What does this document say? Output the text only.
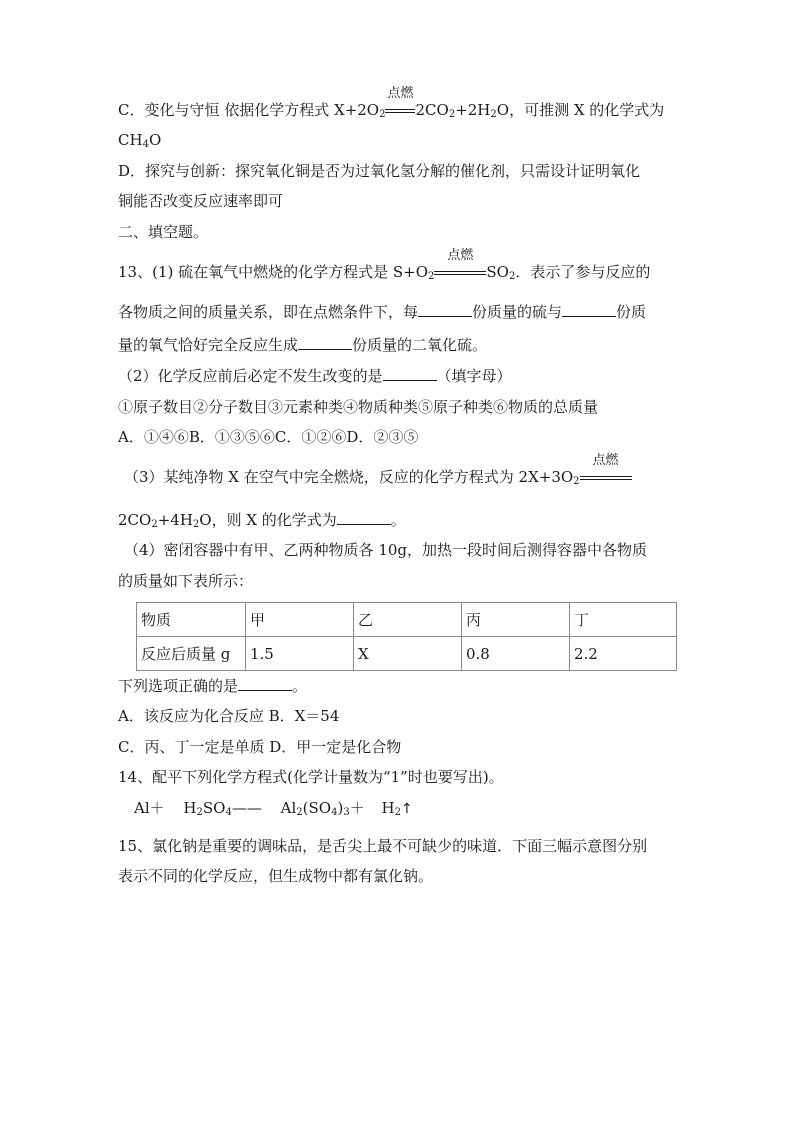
C．变化与守恒 依据化学方程式 $X+2O_2$
点燃
$2CO_2+2H_2O$，可推测 X 的化学式为
$CH_4O$
D．探究与创新：探究氧化铜是否为过氧化氢分解的催化剂，只需设计证明氧化
铜能否改变反应速率即可
二、填空题。
13、(1) 硫在氧气中燃烧的化学方程式是 $S+O_2$
点燃
$SO_2$．表示了参与反应的
各物质之间的质量关系，即在点燃条件下，每	份质量的硫与	份质
量的氧气恰好完全反应生成	份质量的二氧化硫。
（2）化学反应前后必定不发生改变的是	（填字母）
①原子数目②分子数目③元素种类④物质种类⑤原子种类⑥物质的总质量
A．①④⑥B．①③⑤⑥C．①②⑥D．②③⑤
（3）某纯净物 X 在空气中完全燃烧，反应的化学方程式为 $2X+3O_2$
点燃
$2CO_2+4H_2O$，则 X 的化学式为	。
（4）密闭容器中有甲、乙两种物质各 10g，加热一段时间后测得容器中各物质
的质量如下表所示：
物质	甲	乙	丙	丁
反应后质量 g	1.5	X	0.8	2.2
下列选项正确的是	。
A．该反应为化合反应 B．X＝54
C．丙、丁一定是单质 D．甲一定是化合物
14、配平下列化学方程式(化学计量数为“1”时也要写出)。
$Al+ H_2SO_4——$ $Al_2(SO_4)_3+$ $H_2↑$
15、氯化钠是重要的调味品，是舌尖上最不可缺少的味道．下面三幅示意图分别
表示不同的化学反应，但生成物中都有氯化钠。
